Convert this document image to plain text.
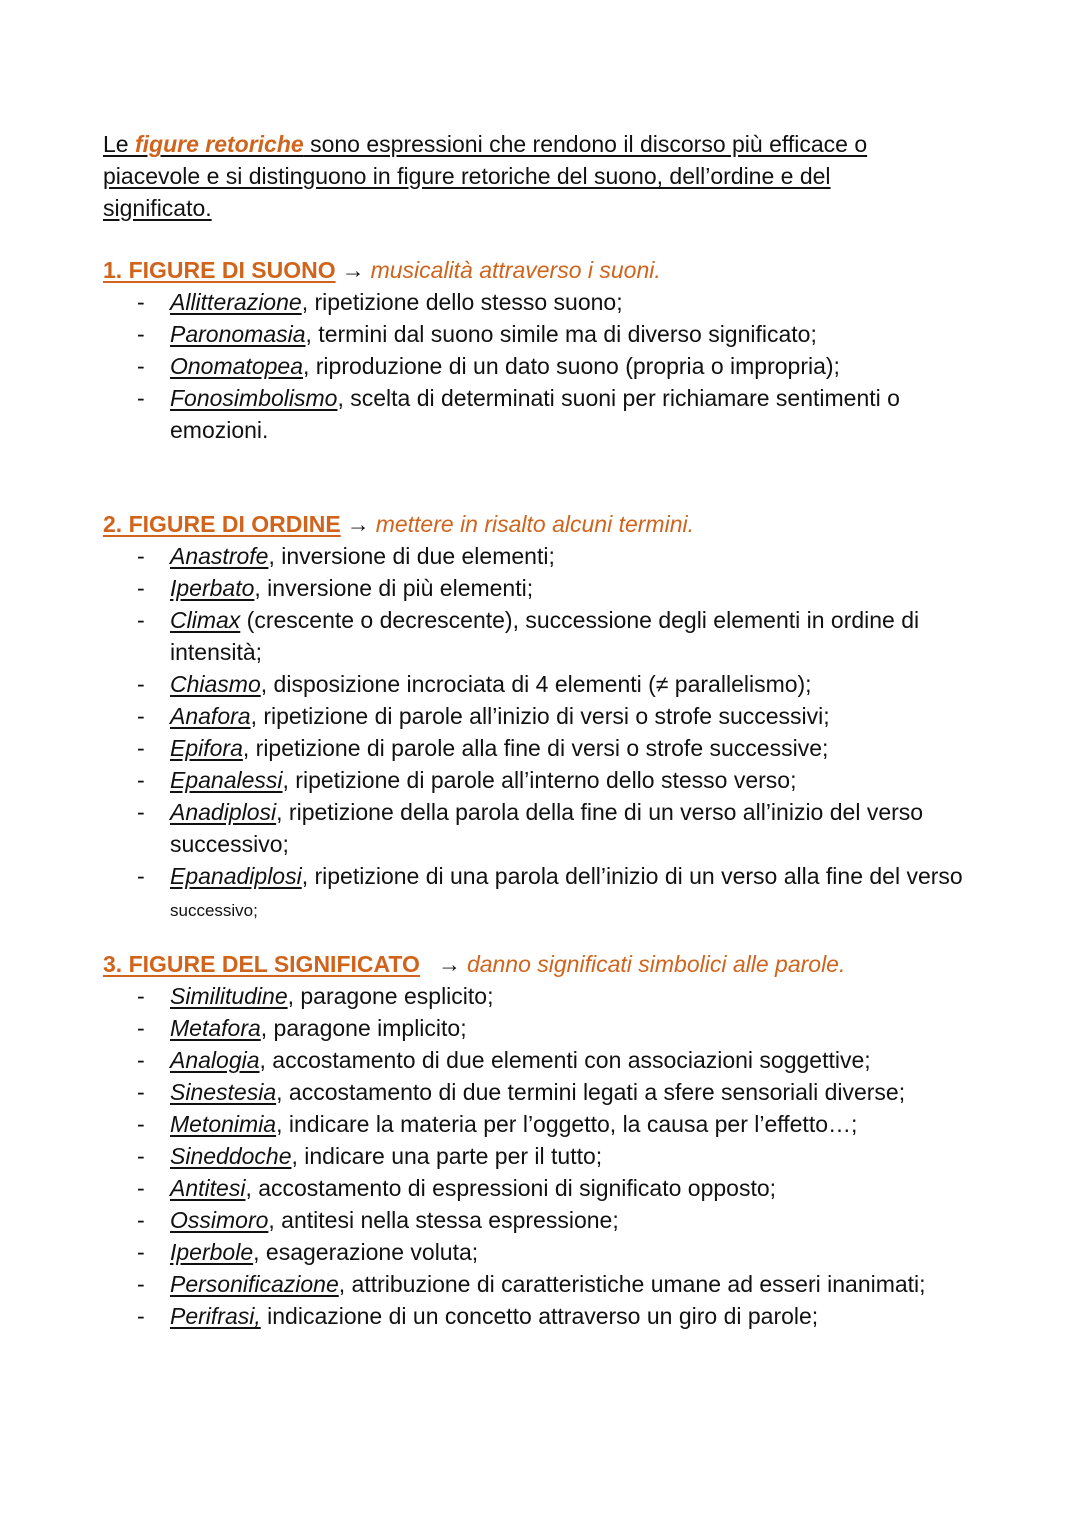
Le figure retoriche sono espressioni che rendono il discorso più efficace o
piacevole e si distinguono in figure retoriche del suono, dell’ordine e del
significato.
1. FIGURE DI SUONO → musicalità attraverso i suoni.
- Allitterazione, ripetizione dello stesso suono;
- Paronomasia, termini dal suono simile ma di diverso significato;
- Onomatopea, riproduzione di un dato suono (propria o impropria);
- Fonosimbolismo, scelta di determinati suoni per richiamare sentimenti o emozioni.
2. FIGURE DI ORDINE → mettere in risalto alcuni termini.
- Anastrofe, inversione di due elementi;
- Iperbato, inversione di più elementi;
- Climax (crescente o decrescente), successione degli elementi in ordine di intensità;
- Chiasmo, disposizione incrociata di 4 elementi (≠ parallelismo);
- Anafora, ripetizione di parole all’inizio di versi o strofe successivi;
- Epifora, ripetizione di parole alla fine di versi o strofe successive;
- Epanalessi, ripetizione di parole all’interno dello stesso verso;
- Anadiplosi, ripetizione della parola della fine di un verso all’inizio del verso successivo;
- Epanadiplosi, ripetizione di una parola dell’inizio di un verso alla fine del verso successivo;
3. FIGURE DEL SIGNIFICATO → danno significati simbolici alle parole.
- Similitudine, paragone esplicito;
- Metafora, paragone implicito;
- Analogia, accostamento di due elementi con associazioni soggettive;
- Sinestesia, accostamento di due termini legati a sfere sensoriali diverse;
- Metonimia, indicare la materia per l’oggetto, la causa per l’effetto…;
- Sineddoche, indicare una parte per il tutto;
- Antitesi, accostamento di espressioni di significato opposto;
- Ossimoro, antitesi nella stessa espressione;
- Iperbole, esagerazione voluta;
- Personificazione, attribuzione di caratteristiche umane ad esseri inanimati;
- Perifrasi, indicazione di un concetto attraverso un giro di parole;
